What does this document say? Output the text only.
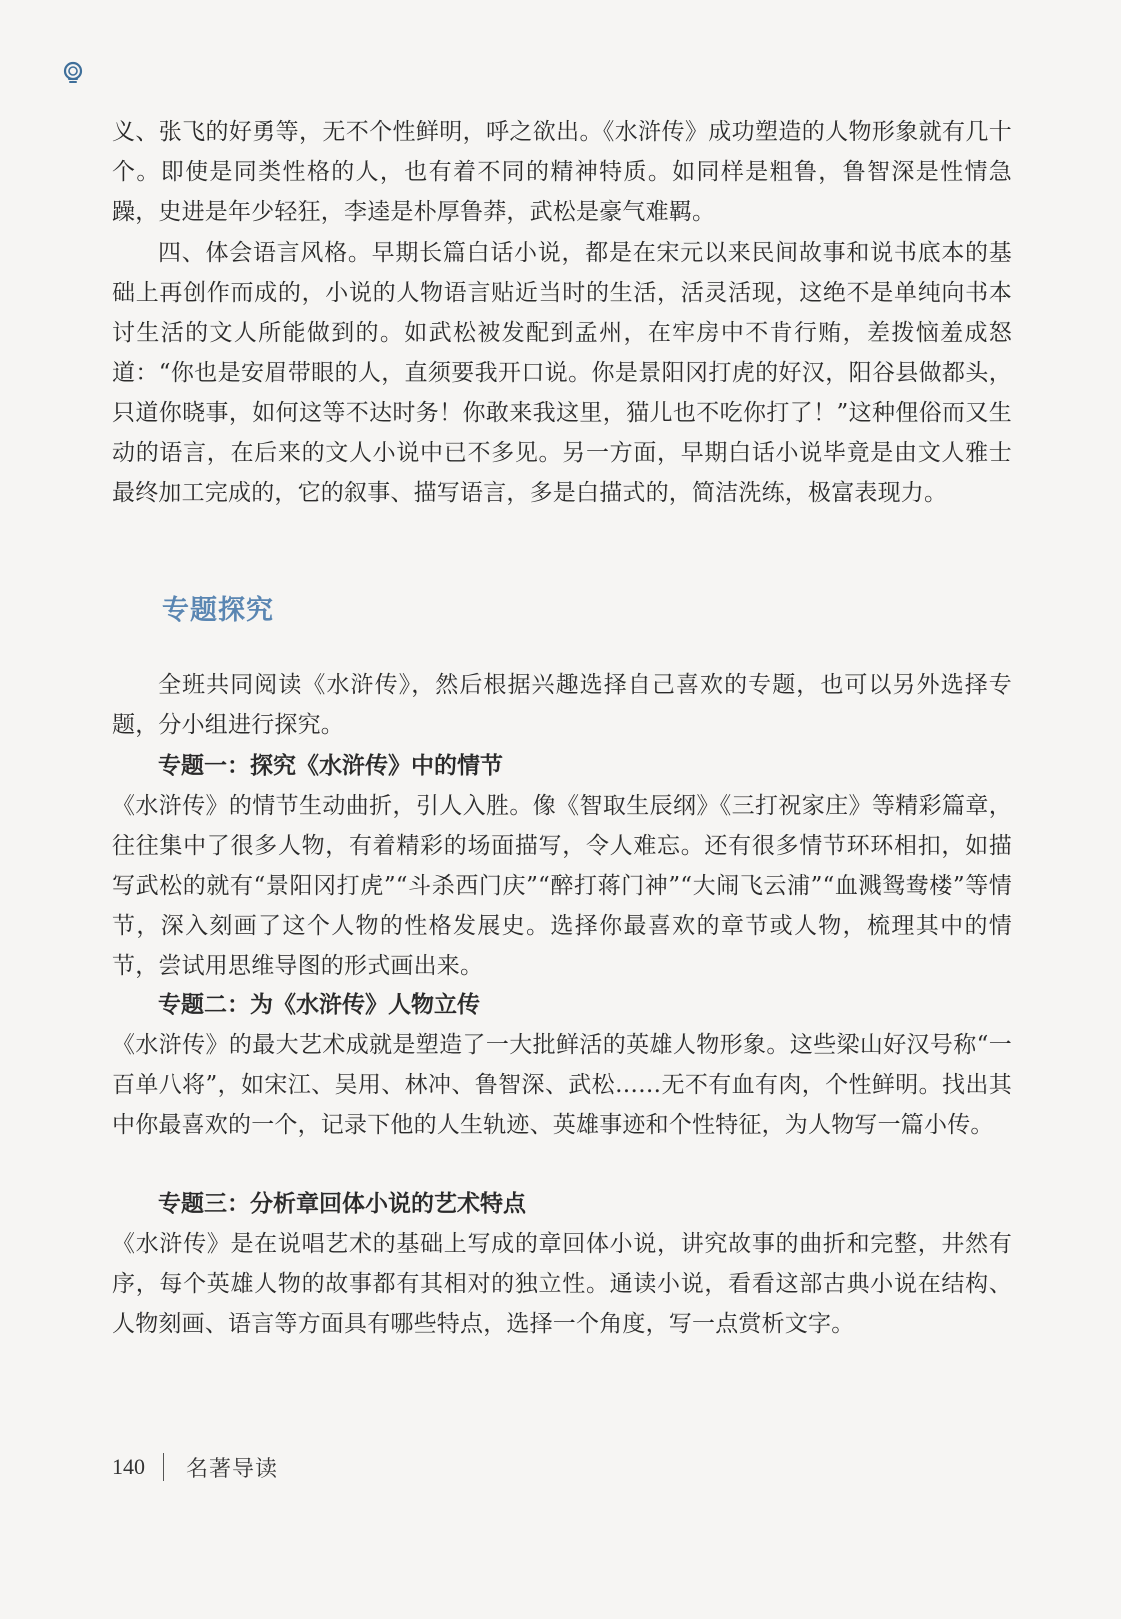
义、张飞的好勇等，无不个性鲜明，呼之欲出。《水浒传》成功塑造的人物形象就有几十个。即使是同类性格的人，也有着不同的精神特质。如同样是粗鲁，鲁智深是性情急躁，史进是年少轻狂，李逵是朴厚鲁莽，武松是豪气难羁。

四、体会语言风格。早期长篇白话小说，都是在宋元以来民间故事和说书底本的基础上再创作而成的，小说的人物语言贴近当时的生活，活灵活现，这绝不是单纯向书本讨生活的文人所能做到的。如武松被发配到孟州，在牢房中不肯行贿，差拨恼羞成怒道：“你也是安眉带眼的人，直须要我开口说。你是景阳冈打虎的好汉，阳谷县做都头，只道你晓事，如何这等不达时务！你敢来我这里，猫儿也不吃你打了！”这种俚俗而又生动的语言，在后来的文人小说中已不多见。另一方面，早期白话小说毕竟是由文人雅士最终加工完成的，它的叙事、描写语言，多是白描式的，简洁洗练，极富表现力。

专题探究

全班共同阅读《水浒传》，然后根据兴趣选择自己喜欢的专题，也可以另外选择专题，分小组进行探究。

专题一：探究《水浒传》中的情节

《水浒传》的情节生动曲折，引人入胜。像《智取生辰纲》《三打祝家庄》等精彩篇章，往往集中了很多人物，有着精彩的场面描写，令人难忘。还有很多情节环环相扣，如描写武松的就有“景阳冈打虎”“斗杀西门庆”“醉打蒋门神”“大闹飞云浦”“血溅鸳鸯楼”等情节，深入刻画了这个人物的性格发展史。选择你最喜欢的章节或人物，梳理其中的情节，尝试用思维导图的形式画出来。

专题二：为《水浒传》人物立传

《水浒传》的最大艺术成就是塑造了一大批鲜活的英雄人物形象。这些梁山好汉号称“一百单八将”，如宋江、吴用、林冲、鲁智深、武松……无不有血有肉，个性鲜明。找出其中你最喜欢的一个，记录下他的人生轨迹、英雄事迹和个性特征，为人物写一篇小传。

专题三：分析章回体小说的艺术特点

《水浒传》是在说唱艺术的基础上写成的章回体小说，讲究故事的曲折和完整，井然有序，每个英雄人物的故事都有其相对的独立性。通读小说，看看这部古典小说在结构、人物刻画、语言等方面具有哪些特点，选择一个角度，写一点赏析文字。

140 名著导读
